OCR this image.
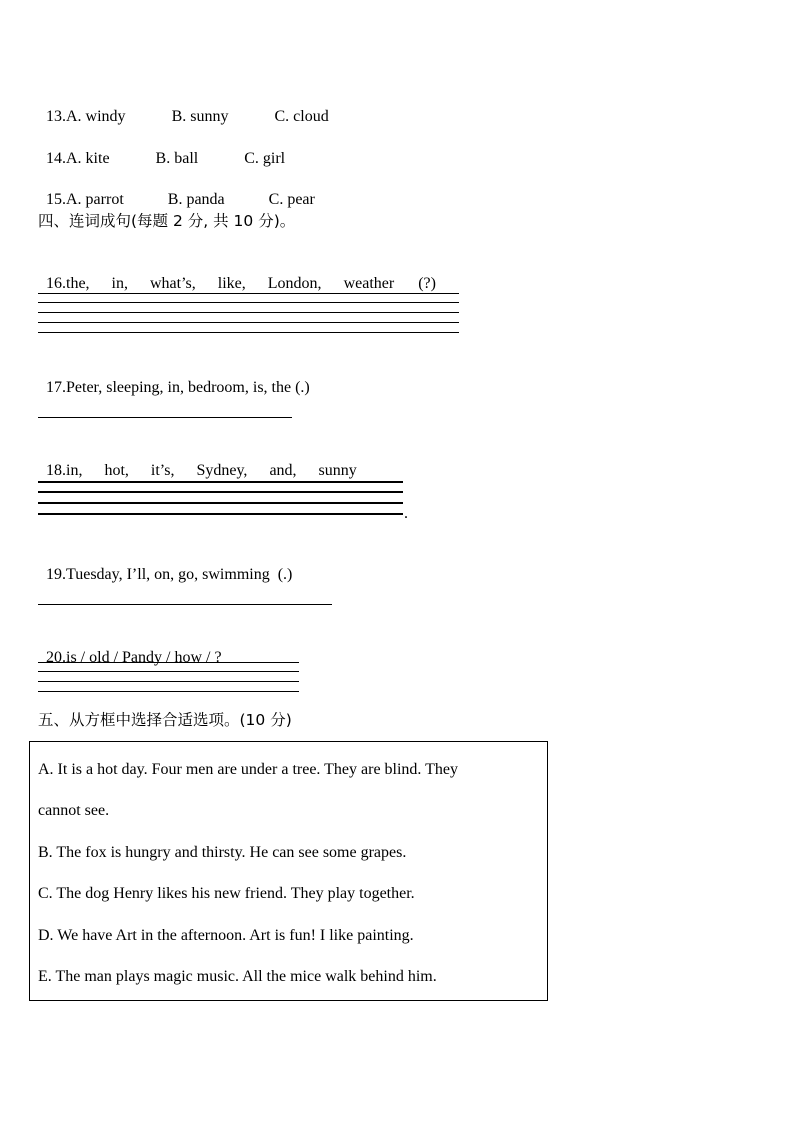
13.A. windy	B. sunny	C. cloud

14.A. kite	B. ball	C. girl

15.A. parrot	B. panda	C. pear

四、连词成句(每题 2 分, 共 10 分)。

16.the, in, what’s, like, London, weather (?)

17.Peter, sleeping, in, bedroom, is, the (.)

18.in, hot, it’s, Sydney, and, sunny

.

19.Tuesday, I’ll, on, go, swimming  (.)

20.is / old / Pandy / how / ?

五、从方框中选择合适选项。(10 分)
A. It is a hot day. Four men are under a tree. They are blind. They
cannot see.
B. The fox is hungry and thirsty. He can see some grapes.
C. The dog Henry likes his new friend. They play together.
D. We have Art in the afternoon. Art is fun! I like painting.
E. The man plays magic music. All the mice walk behind him.
